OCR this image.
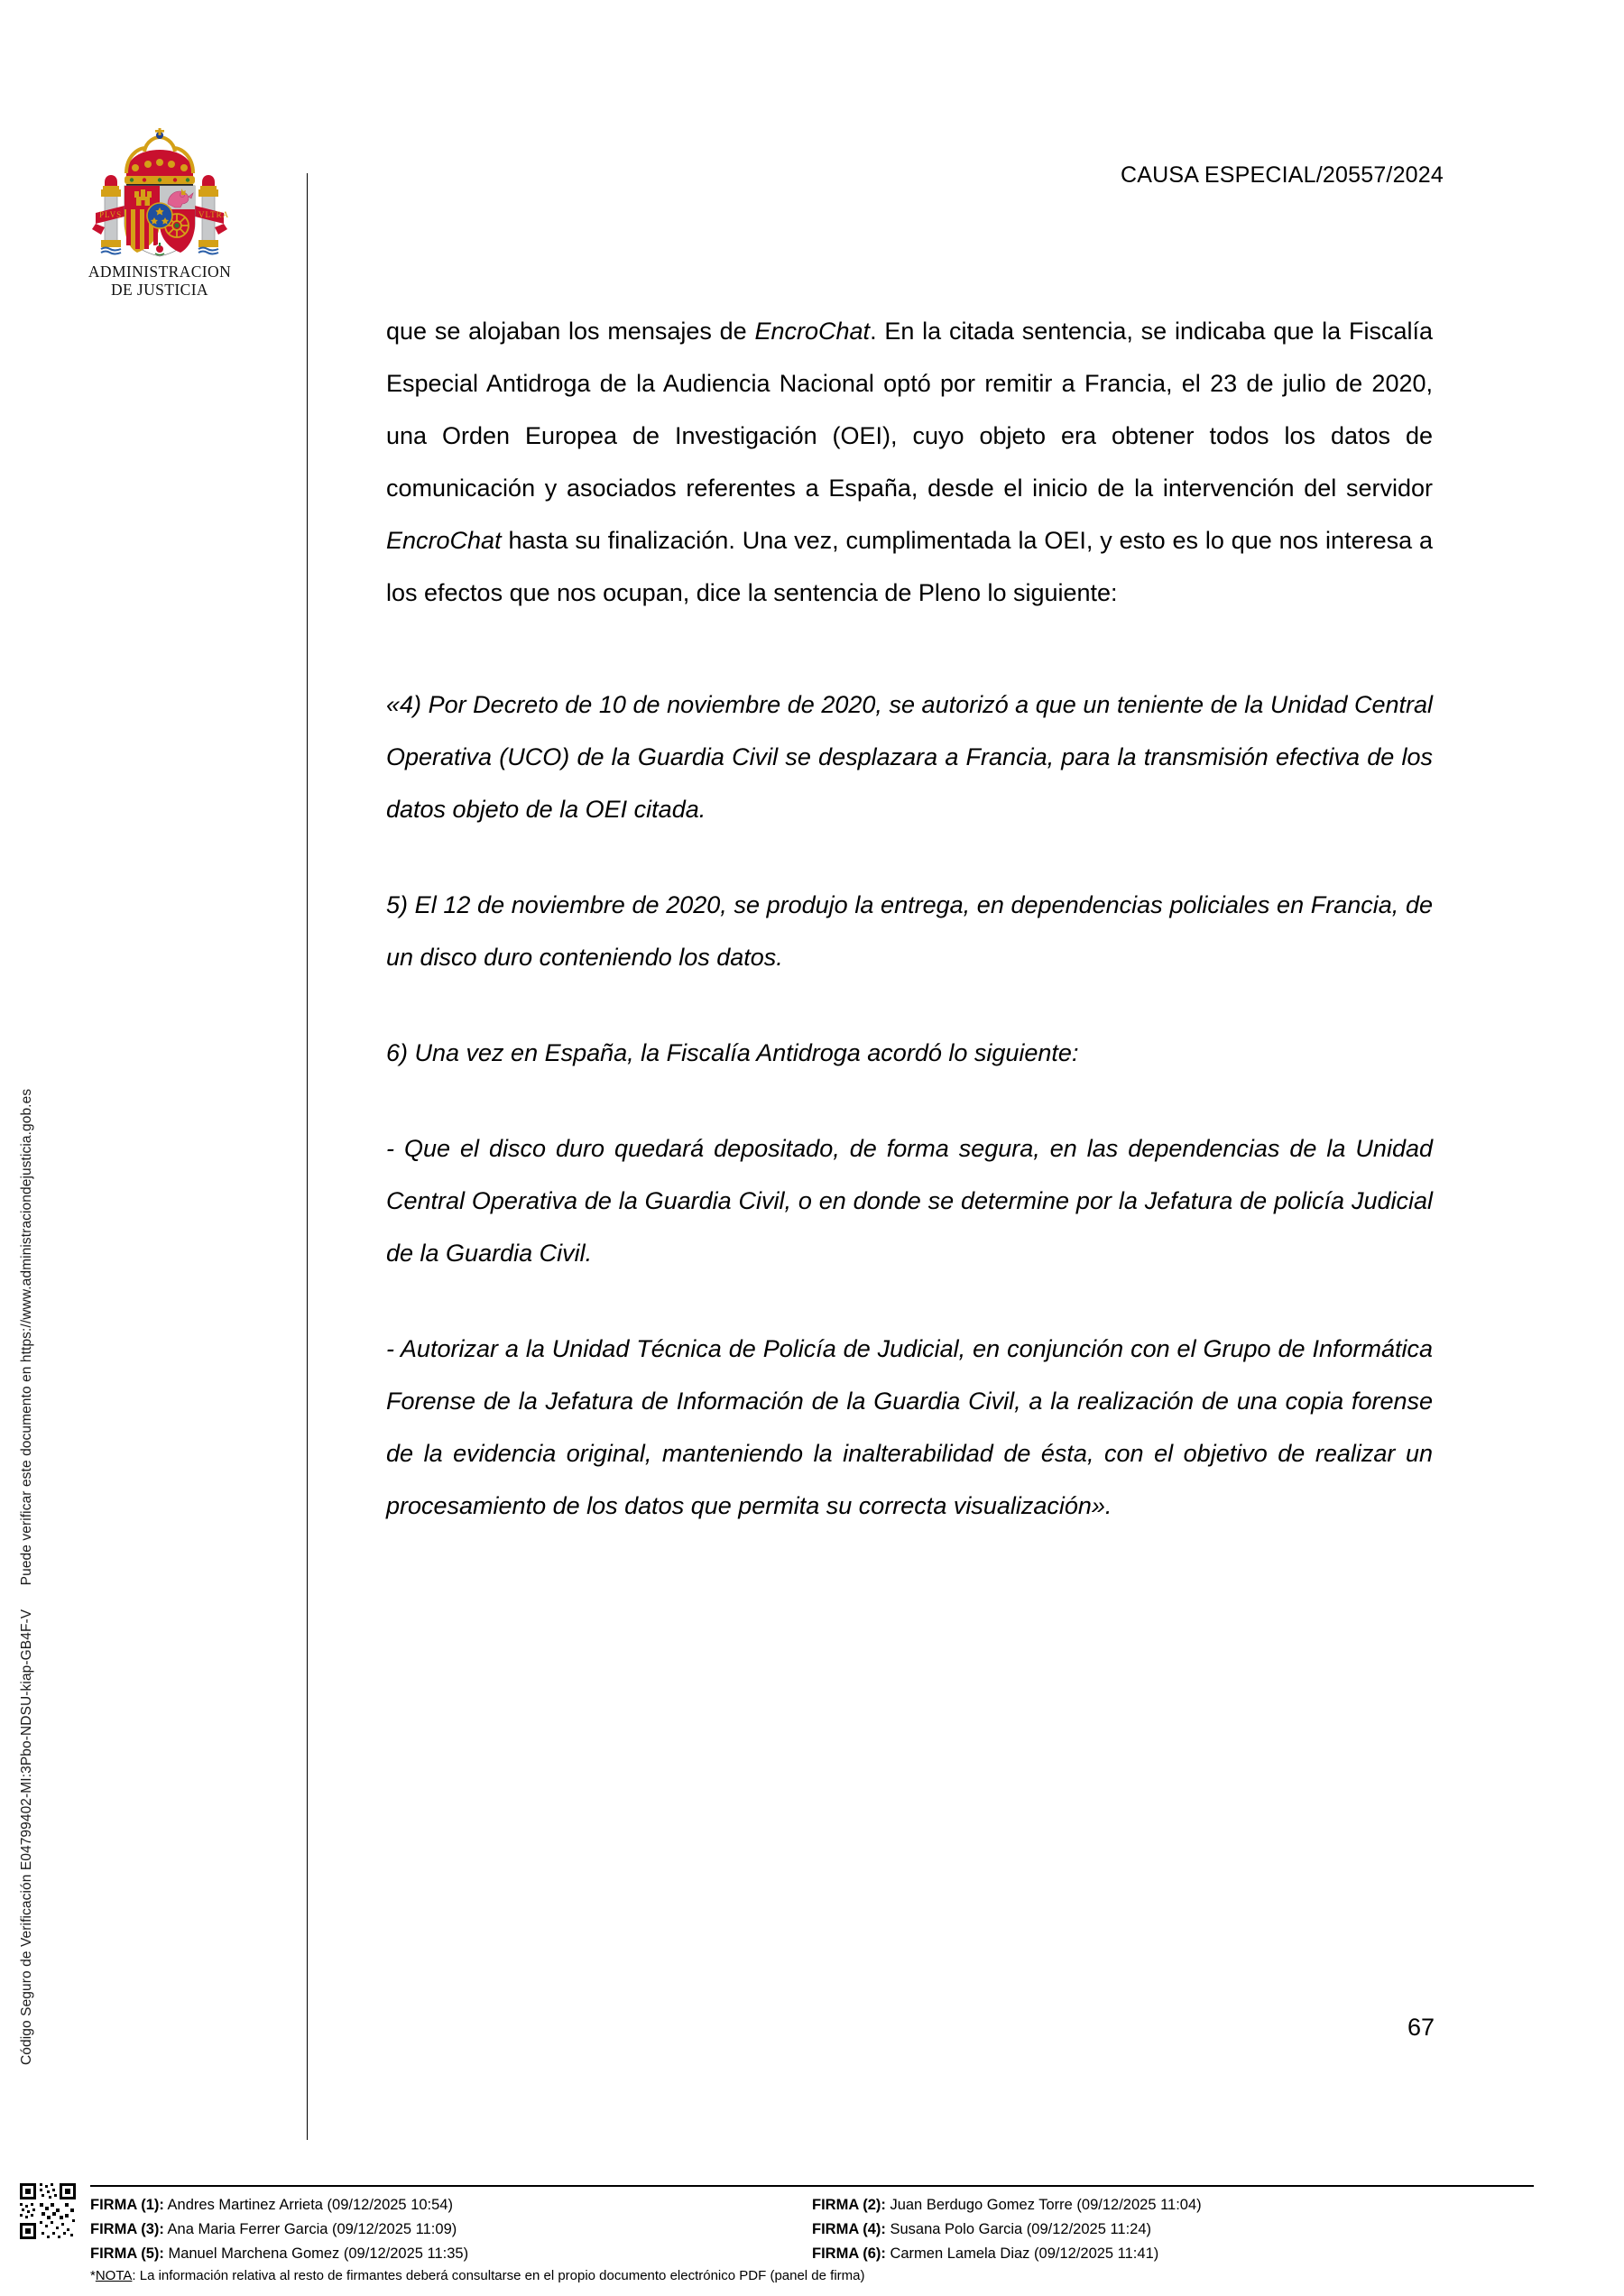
Código Seguro de Verificación E04799402-MI:3Pbo-NDSU-kiap-GB4F-V      Puede verificar este documento en https://www.administraciondejusticia.gob.es
PLVS	VLTRA
ADMINISTRACION
DE JUSTICIA
CAUSA ESPECIAL/20557/2024

que se alojaban los mensajes de EncroChat. En la citada sentencia, se indicaba que la Fiscalía Especial Antidroga de la Audiencia Nacional optó por remitir a Francia, el 23 de julio de 2020, una Orden Europea de Investigación (OEI), cuyo objeto era obtener todos los datos de comunicación y asociados referentes a España, desde el inicio de la intervención del servidor EncroChat hasta su finalización. Una vez, cumplimentada la OEI, y esto es lo que nos interesa a los efectos que nos ocupan, dice la sentencia de Pleno lo siguiente:

«4) Por Decreto de 10 de noviembre de 2020, se autorizó a que un teniente de la Unidad Central Operativa (UCO) de la Guardia Civil se desplazara a Francia, para la transmisión efectiva de los datos objeto de la OEI citada.

5) El 12 de noviembre de 2020, se produjo la entrega, en dependencias policiales en Francia, de un disco duro conteniendo los datos.

6) Una vez en España, la Fiscalía Antidroga acordó lo siguiente:

- Que el disco duro quedará depositado, de forma segura, en las dependencias de la Unidad Central Operativa de la Guardia Civil, o en donde se determine por la Jefatura de policía Judicial de la Guardia Civil.

- Autorizar a la Unidad Técnica de Policía de Judicial, en conjunción con el Grupo de Informática Forense de la Jefatura de Información de la Guardia Civil, a la realización de una copia forense de la evidencia original, manteniendo la inalterabilidad de ésta, con el objetivo de realizar un procesamiento de los datos que permita su correcta visualización».

67
FIRMA (1): Andres Martinez Arrieta (09/12/2025 10:54)	FIRMA (2): Juan Berdugo Gomez Torre (09/12/2025 11:04)
FIRMA (3): Ana Maria Ferrer Garcia (09/12/2025 11:09)	FIRMA (4): Susana Polo Garcia (09/12/2025 11:24)
FIRMA (5): Manuel Marchena Gomez (09/12/2025 11:35)	FIRMA (6): Carmen Lamela Diaz (09/12/2025 11:41)
*NOTA: La información relativa al resto de firmantes deberá consultarse en el propio documento electrónico PDF (panel de firma)
